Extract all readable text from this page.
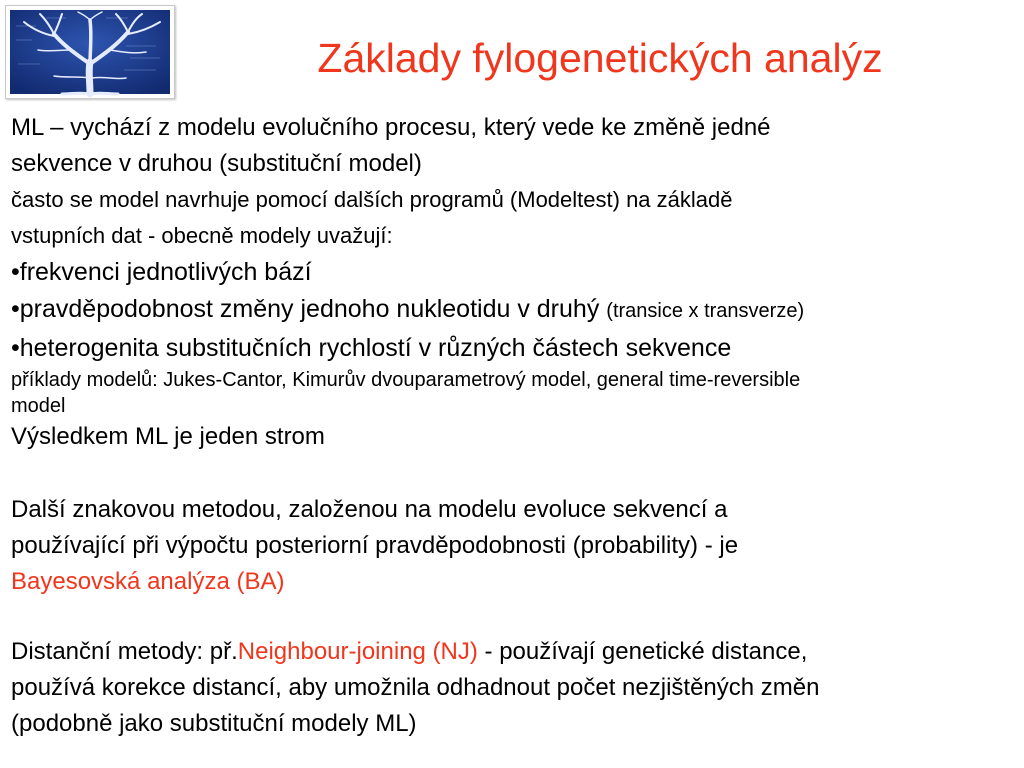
Základy fylogenetických analýz
ML – vychází z modelu evolučního procesu, který vede ke změně jedné
sekvence v druhou (substituční model)
často se model navrhuje pomocí dalších programů (Modeltest) na základě
vstupních dat - obecně modely uvažují:
•frekvenci jednotlivých bází
•pravděpodobnost změny jednoho nukleotidu v druhý (transice x transverze)
•heterogenita substitučních rychlostí v různých částech sekvence
příklady modelů: Jukes-Cantor, Kimurův dvouparametrový model, general time-reversible
model
Výsledkem ML je jeden strom
Další znakovou metodou, založenou na modelu evoluce sekvencí a
používající při výpočtu posteriorní pravděpodobnosti (probability) - je
Bayesovská analýza (BA)
Distanční metody: př.Neighbour-joining (NJ) - používají genetické distance,
používá korekce distancí, aby umožnila odhadnout počet nezjištěných změn
(podobně jako substituční modely ML)
